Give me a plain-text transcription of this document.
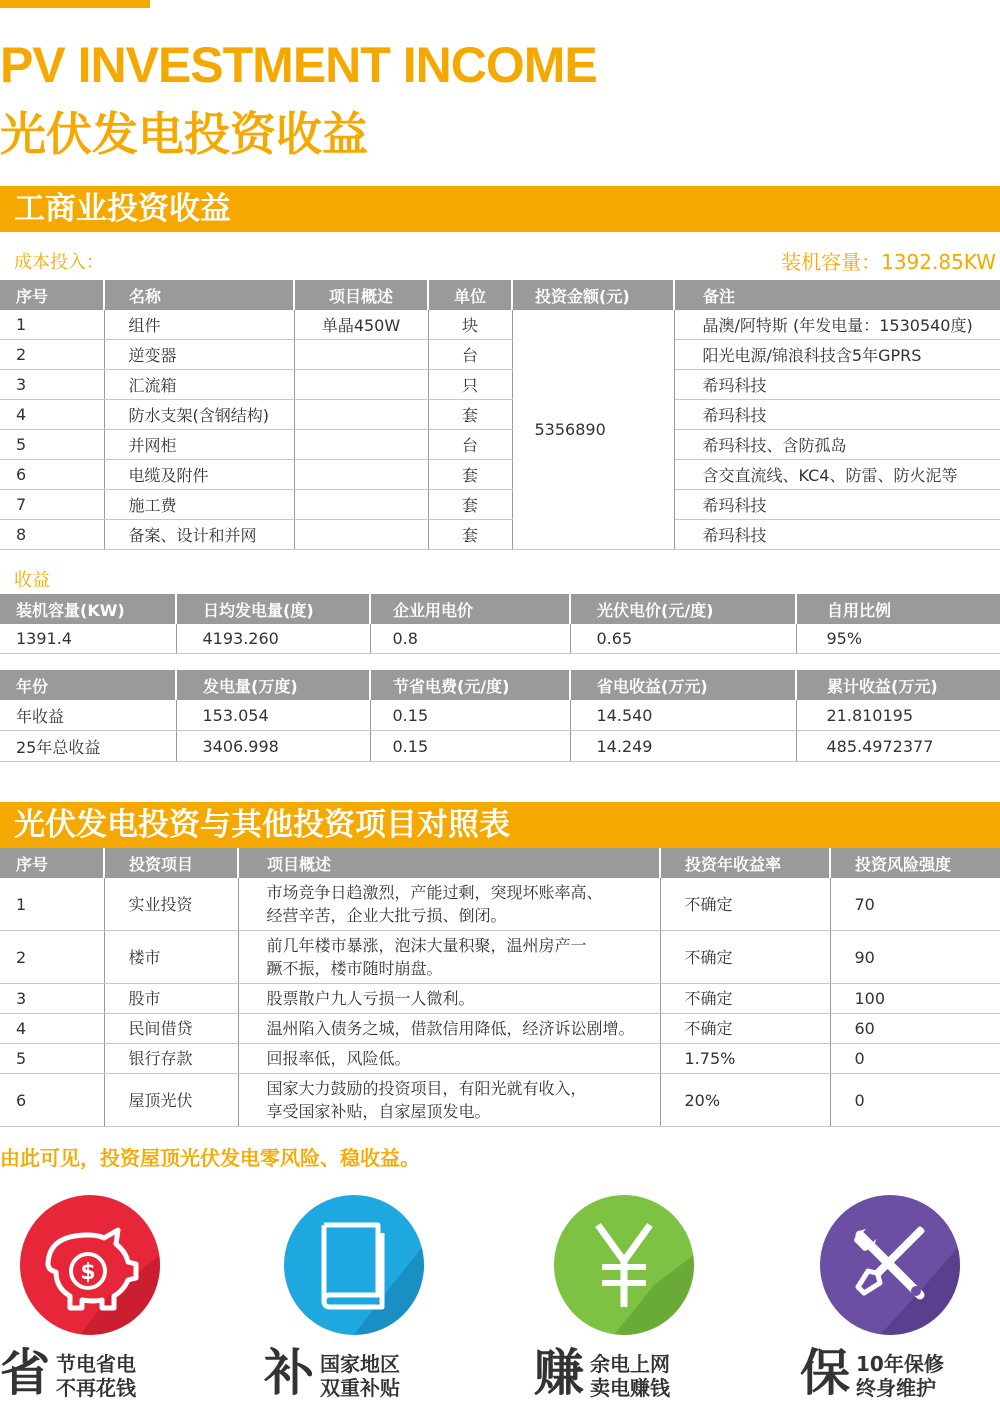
PV INVESTMENT INCOME
光伏发电投资收益
工商业投资收益
成本投入：	装机容量：1392.85KW
序号	名称	项目概述	单位	投资金额(元)	备注
1	组件	单晶450W	块	5356890	晶澳/阿特斯 (年发电量：1530540度)
2	逆变器		台		阳光电源/锦浪科技含5年GPRS
3	汇流箱		只		希玛科技
4	防水支架(含钢结构)		套		希玛科技
5	并网柜		台		希玛科技、含防孤岛
6	电缆及附件		套		含交直流线、KC4、防雷、防火泥等
7	施工费		套		希玛科技
8	备案、设计和并网		套		希玛科技
收益
装机容量(KW)	日均发电量(度)	企业用电价	光伏电价(元/度)	自用比例
1391.4	4193.260	0.8	0.65	95%
年份	发电量(万度)	节省电费(元/度)	省电收益(万元)	累计收益(万元)
年收益	153.054	0.15	14.540	21.810195
25年总收益	3406.998	0.15	14.249	485.4972377
光伏发电投资与其他投资项目对照表
序号	投资项目	项目概述	投资年收益率	投资风险强度
1	实业投资	市场竞争日趋激烈，产能过剩，突现坏账率高、
经营辛苦，企业大批亏损、倒闭。	不确定	70
2	楼市	前几年楼市暴涨，泡沫大量积聚，温州房产一
蹶不振，楼市随时崩盘。	不确定	90
3	股市	股票散户九人亏损一人微利。	不确定	100
4	民间借贷	温州陷入债务之城，借款信用降低，经济诉讼剧增。	不确定	60
5	银行存款	回报率低，风险低。	1.75%	0
6	屋顶光伏	国家大力鼓励的投资项目，有阳光就有收入，
享受国家补贴，自家屋顶发电。	20%	0
由此可见，投资屋顶光伏发电零风险、稳收益。
$
省 节电省电
不再花钱	补 国家地区
双重补贴	赚 余电上网
卖电赚钱	保 10年保修
终身维护
